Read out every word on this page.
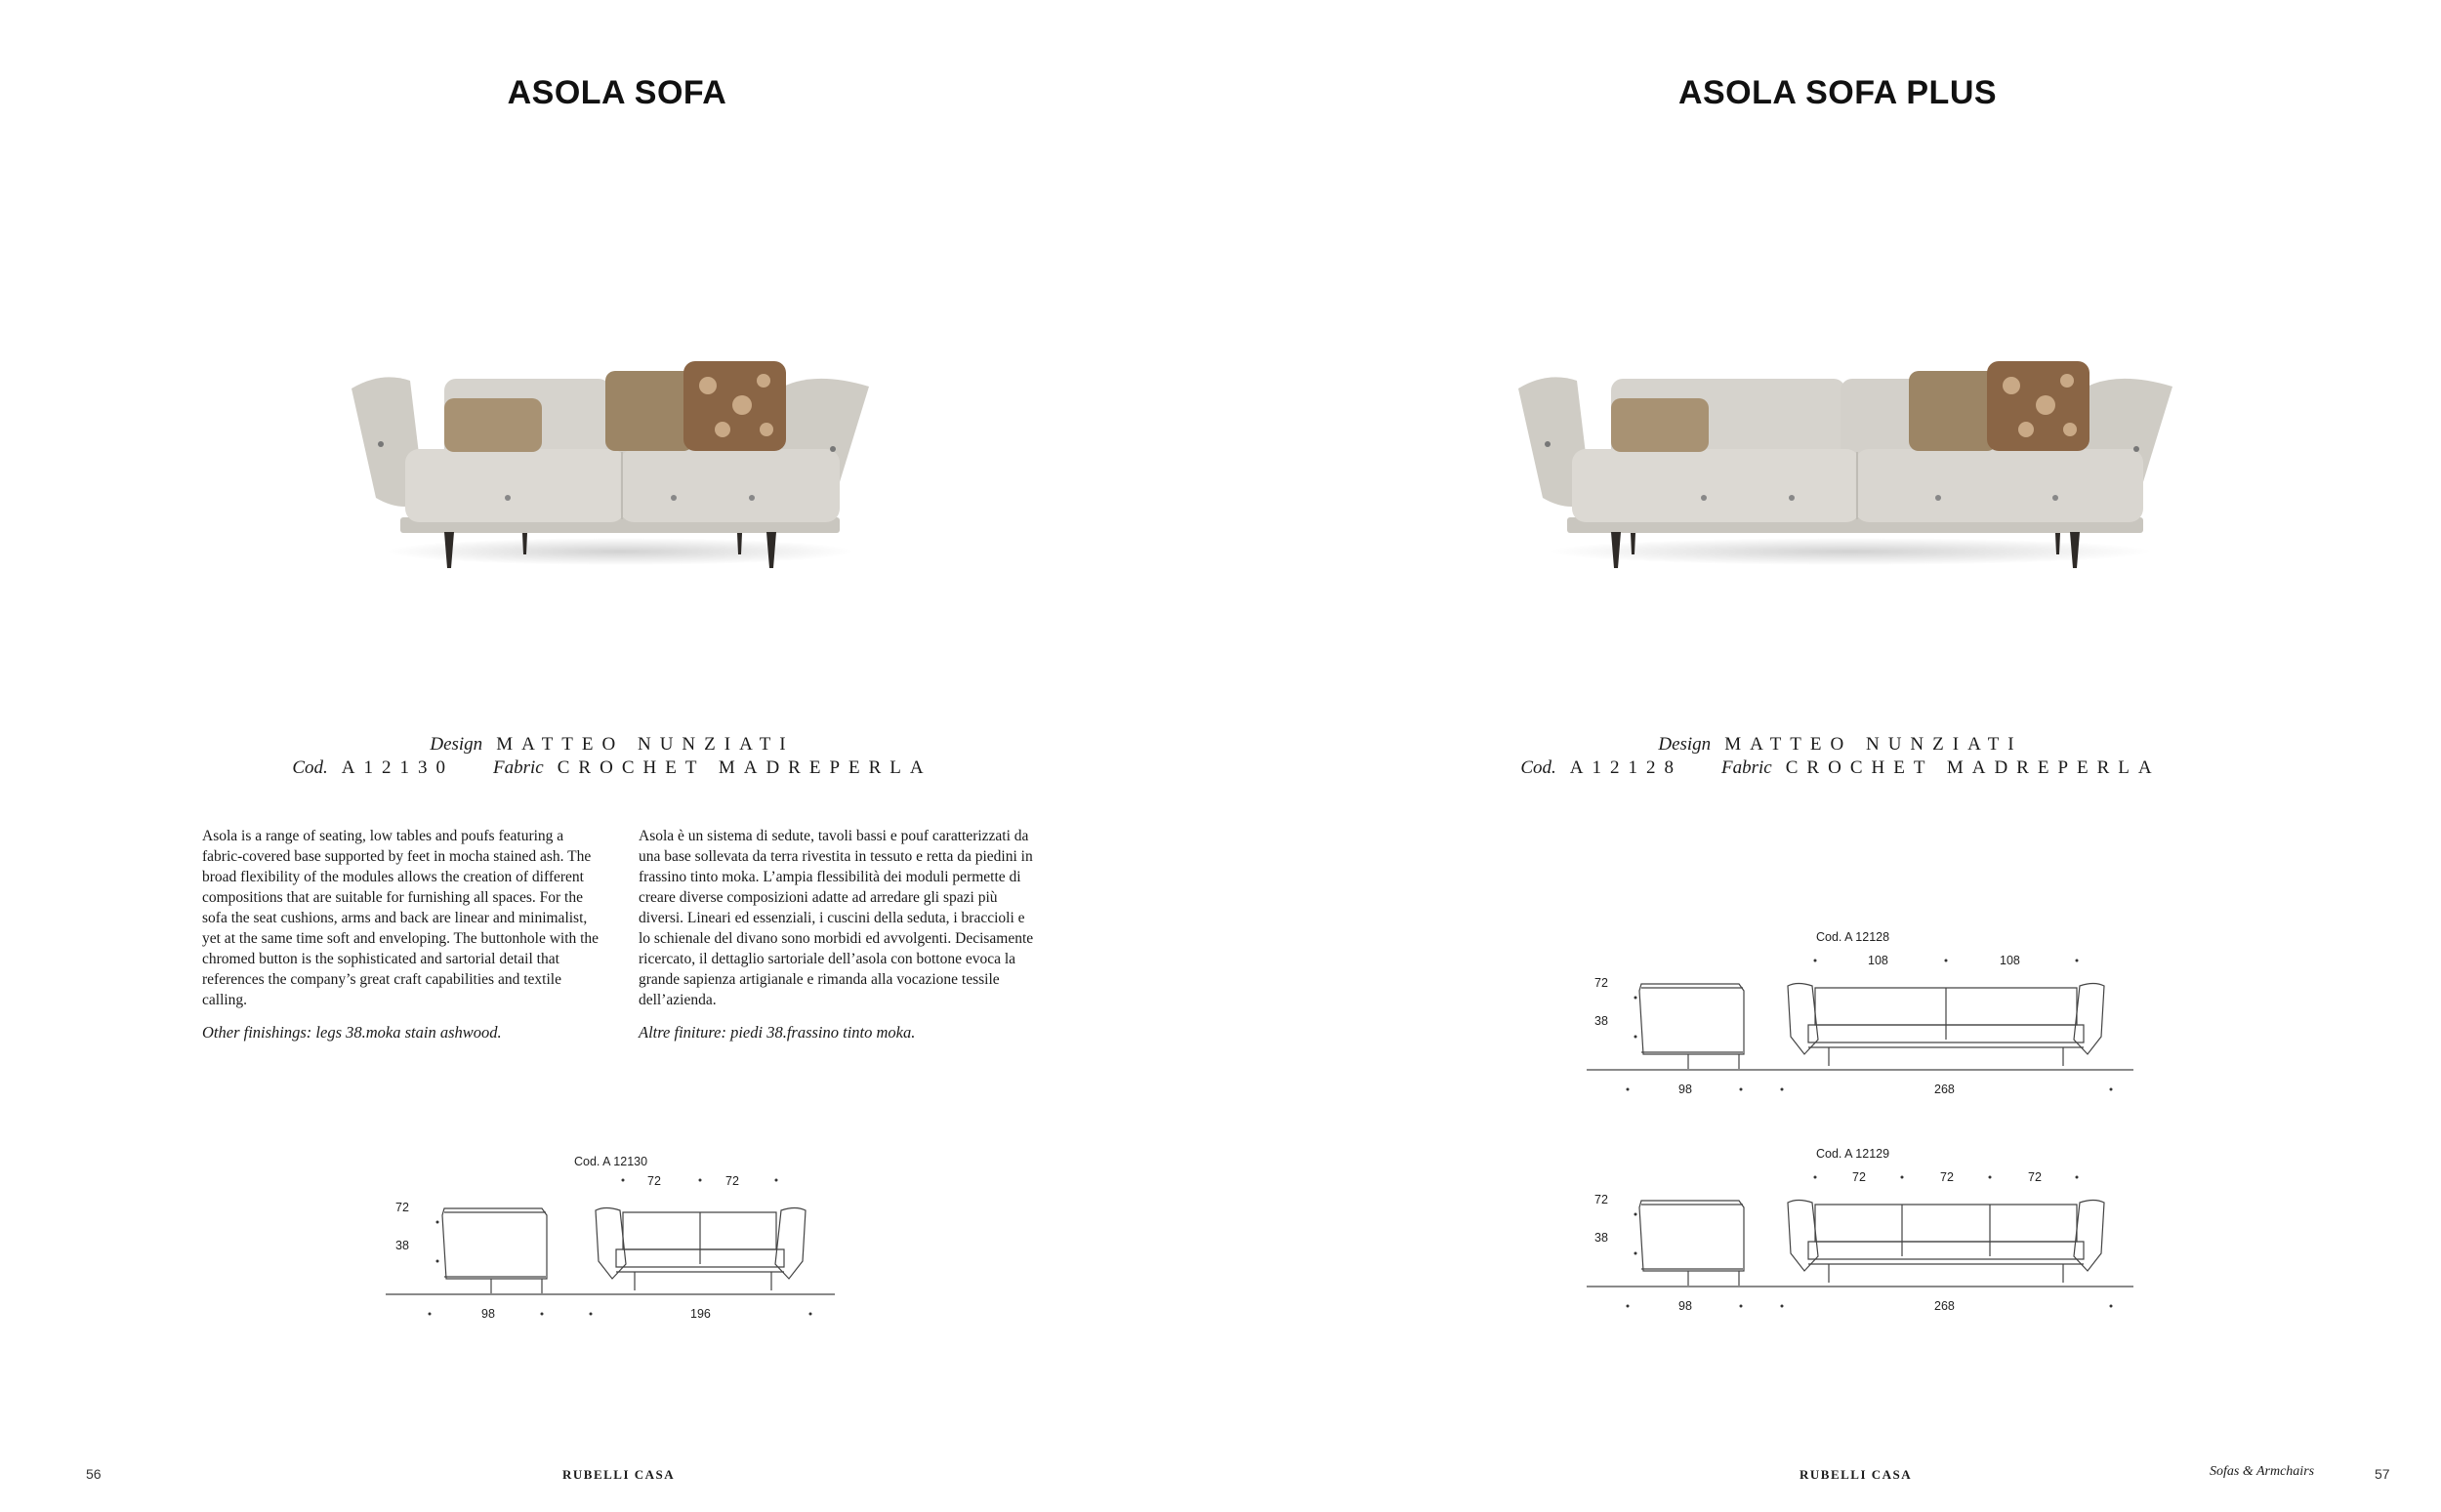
ASOLA SOFA
Design MATTEO NUNZIATI
Cod. A12130 Fabric CROCHET MADREPERLA

Asola is a range of seating, low tables and poufs featuring a fabric-covered base supported by feet in mocha stained ash. The broad flexibility of the modules allows the creation of different compositions that are suitable for furnishing all spaces. For the sofa the seat cushions, arms and back are linear and minimalist, yet at the same time soft and enveloping. The buttonhole with the chromed button is the sophisticated and sartorial detail that references the company’s great craft capabilities and textile calling.

Other finishings: legs 38.moka stain ashwood.

Asola è un sistema di sedute, tavoli bassi e pouf caratterizzati da una base sollevata da terra rivestita in tessuto e retta da piedini in frassino tinto moka. L’ampia flessibilità dei moduli permette di creare diverse composizioni adatte ad arredare gli spazi più diversi. Lineari ed essenziali, i cuscini della seduta, i braccioli e lo schienale del divano sono morbidi ed avvolgenti. Decisamente ricercato, il dettaglio sartoriale dell’asola con bottone evoca la grande sapienza artigianale e rimanda alla vocazione tessile dell’azienda.

Altre finiture: piedi 38.frassino tinto moka.

Cod. A 12130
72
38
72	72
98	196
56	RUBELLI CASA
ASOLA SOFA PLUS
Design MATTEO NUNZIATI
Cod. A12128 Fabric CROCHET MADREPERLA
Cod. A 12128
72
38
108	108
98	268
Cod. A 12129
72
38
72	72	72
98	268
RUBELLI CASA	Sofas & Armchairs	57
